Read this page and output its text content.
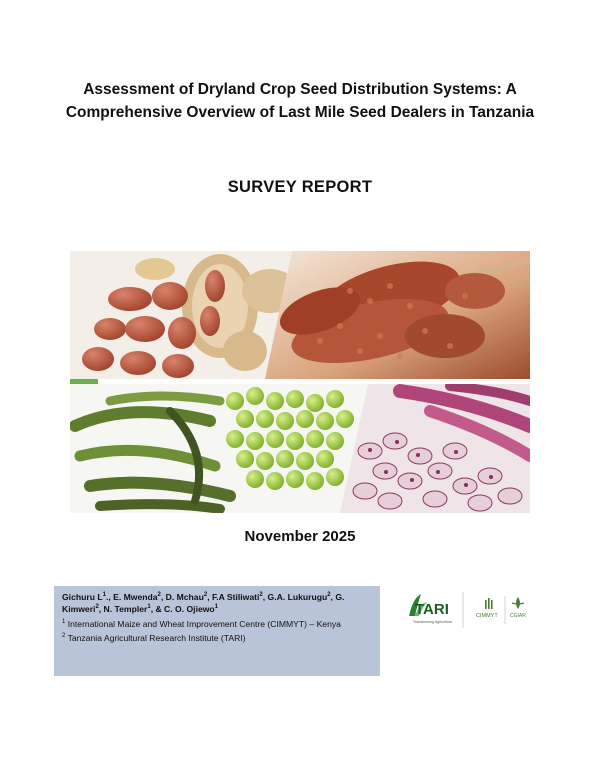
Assessment of Dryland Crop Seed Distribution Systems: A
Comprehensive Overview of Last Mile Seed Dealers in Tanzania
SURVEY REPORT
November 2025

Gichuru $L^1$., E. Mwenda$^2$, D. Mchau$^2$, F.A Stiliwati$^2$, G.A. Lukurugu$^2$, G. Kimweri$^2$, N. Templer$^1$, & C. O. Ojiewo$^1$

$^1$ International Maize and Wheat Improvement Centre (CIMMYT) – Kenya

$^2$ Tanzania Agricultural Research Institute (TARI)

TARI
Transforming Agriculture
CIMMYT CGIAR
